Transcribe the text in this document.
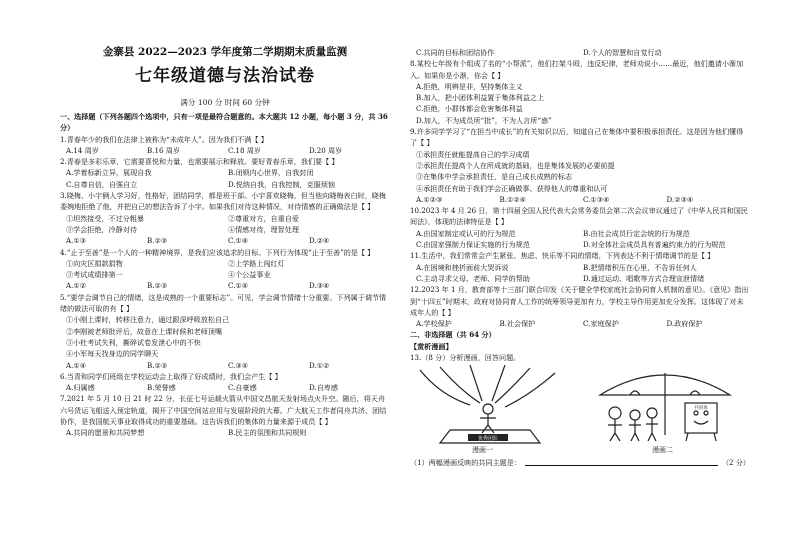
金寨县 2022—2023 学年度第二学期期末质量监测
七年级道德与法治试卷
满分 100 分 时间 60 分钟
一、选择题（下列各题四个选项中，只有一项是最符合题意的。本大题共 12 小题，每小题 3 分，共 36 分）
1.青春年少的我们在法律上被称为“未成年人”。因为我们不满【 】
A.14 周岁	B.16 周岁	C.18 周岁	D.20 周岁
2.青春是多彩乐章，它需要喜悦和力量，也需要展示和释放。要好青春乐章，我们要【 】
A.学着标新立异，展现自我	B.闭锁内心世界，自我封闭
C.自尊自信，自强自立	D.悦纳自我，自我控制，克服烦恼
3.晓梅、小宇俩人学习好，性格好，团结同学，都是班干部。小宇喜欢晓梅，但当他向晓梅表白时，晓梅委婉地拒绝了他，并把自己的想法告诉了小宇。如果我们对待这种情况，对待情感的正确做法是【 】
①坦然接受，不过分粗暴	②尊重对方，自重自爱
③学会拒绝，冷静对待	④情感对待，理智处理
A.①③	B.②③	C.①④	D.②④
4.“止于至善”是一个人的一种精神境界，是我们应该追求的目标。下列行为体现“止于至善”的是【 】
①向灾区捐款捐物	②上学路上闯红灯
③考试成绩排第一	④个公益事业
A.①②	B.②③	C.①④	D.③④
5.“要学会调节自己的情绪，这是成熟的一个重要标志”。可见，学会调节情绪十分重要。下列属于调节情绪的做法可取的有【 】
①小刚上课时，转移注意力，通过跟深呼吸放松自己
②李刚被老师批评后，故意在上课时候和老师顶嘴
③小杜考试失利，撕碎试卷发泄心中的不快
④小军每天找身边的同学聊天
A.①④	B.②③	C.③④	D.①②
6.当青和同学们班级在学校运动会上取得了好成绩时，我们会产生【 】
A.归属感	B.荣誉感	C.自豪感	D.自卑感
7.2021 年 5 月 10 日 21 时 22 分，长征七号运载火箭从中国文昌航天发射场点火升空。随后，将天舟六号货运飞船送入预定轨道，揭开了中国空间站应用与发展阶段的大幕。广大航天工作者同舟共济、团结协作，是我国航天事业取得成功的重要基础。这告诉我们的集体的力量来源于成员【 】
A.共同的愿景和共同梦想	B.民主的氛围和共同规则
C.共同的目标和团结协作	D.个人的智慧和自觉行动
8.某校七年级有个组成了名的“小帮派”，他们打架斗殴，违反纪律，老师劝说小……最近，他们邀请小渐加入。如果你是小渐，你会【 】
A.拒绝，明辨是非，坚持集体主义
B.加入，把小团体利益置于集体利益之上
C.拒绝，小群体都会危害集体利益
D.加入，不为成员所“批”，不为人言所“惑”
9.许多同学学习了“在担当中成长”的有关知识以后，知道自己在集体中要积极承担责任。这是因为他们懂得了【 】
①承担责任就能提高自己的学习成绩
②承担责任提高个人在所成就的基础，也是集体发展的必要前提
③在集体中学会承担责任，是自己成长成熟的标志
④承担责任有助于我们学会正确做事、获得他人的尊重和认可
A.①②③	B.①②④	C.①③④	D.②③④
10.2023 年 4 月 26 日，第十四届全国人民代表大会常务委员会第二次会议审议通过了《中华人民共和国民间法》，体现的法律特征是【 】
A.由国家制定或认可的行为规范	B.由社会成员行定会统的行为规范
C.由国家强制力保证实施的行为规范	D.对全体社会成员具有普遍约束力的行为规范
11.生活中，我们常常会产生紧张、焦虑、快乐等不同的情绪，下列表达不利于情绪调节的是【 】
A.在困境和挫折面前大哭诉说	B.把情绪积压在心里，不告诉任何人
C.主动寻求父母、老师、同学的帮助	D.通过运动、唱歌等方式合理宣泄情绪
12.2023 年 1 月，教育部等十三部门联合印发《关于健全学校家庭社会协同育人机制的意见》。《意见》指出到“十四五”时期末，政府对协同育人工作的统筹领导更加有力，学校主导作用更加充分发挥。这体现了对未成年人的【 】
A.学校保护	B.社会保护	C.家庭保护	D.政府保护
二、非选择题（共 64 分）
【赏析漫画】
13.（8 分）分析漫画，回答问题。
优秀团队
共同体
漫画一	漫画二
（1）两幅漫画反映的共同主题是：	（2 分）
